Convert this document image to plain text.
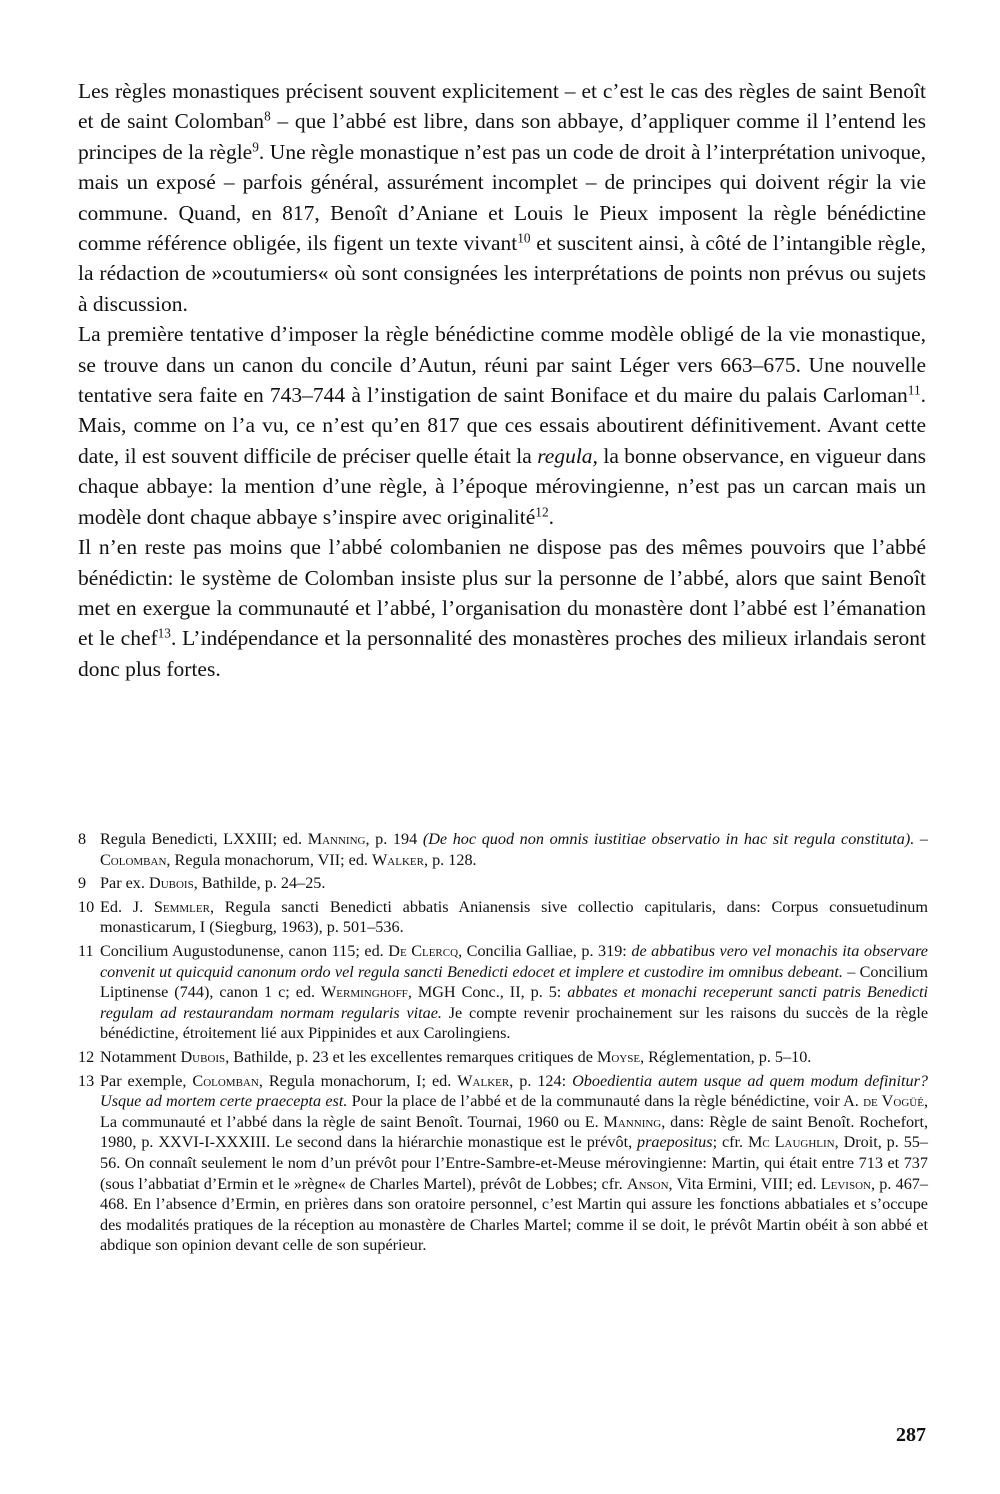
Les règles monastiques précisent souvent explicitement – et c’est le cas des règles de saint Benoît et de saint Colomban$^8$ – que l’abbé est libre, dans son abbaye, d’appliquer comme il l’entend les principes de la règle$^9$. Une règle monastique n’est pas un code de droit à l’interprétation univoque, mais un exposé – parfois général, assurément incomplet – de principes qui doivent régir la vie commune. Quand, en 817, Benoît d’Aniane et Louis le Pieux imposent la règle bénédictine comme référence obligée, ils figent un texte vivant$^{10}$ et suscitent ainsi, à côté de l’intangible règle, la rédaction de »coutumiers« où sont consignées les interprétations de points non prévus ou sujets à discussion.

La première tentative d’imposer la règle bénédictine comme modèle obligé de la vie monastique, se trouve dans un canon du concile d’Autun, réuni par saint Léger vers 663–675. Une nouvelle tentative sera faite en 743–744 à l’instigation de saint Boniface et du maire du palais Carloman$^{11}$. Mais, comme on l’a vu, ce n’est qu’en 817 que ces essais aboutirent définitivement. Avant cette date, il est souvent difficile de préciser quelle était la regula, la bonne observance, en vigueur dans chaque abbaye: la mention d’une règle, à l’époque mérovingienne, n’est pas un carcan mais un modèle dont chaque abbaye s’inspire avec originalité$^{12}$.

Il n’en reste pas moins que l’abbé colombanien ne dispose pas des mêmes pouvoirs que l’abbé bénédictin: le système de Colomban insiste plus sur la personne de l’abbé, alors que saint Benoît met en exergue la communauté et l’abbé, l’organisation du monastère dont l’abbé est l’émanation et le chef$^{13}$. L’indépendance et la personnalité des monastères proches des milieux irlandais seront donc plus fortes.

8 Regula Benedicti, LXXIII; ed. Manning, p. 194 (De hoc quod non omnis iustitiae observatio in hac sit regula constituta). – Colomban, Regula monachorum, VII; ed. Walker, p. 128.
9 Par ex. Dubois, Bathilde, p. 24–25.
10 Ed. J. Semmler, Regula sancti Benedicti abbatis Anianensis sive collectio capitularis, dans: Corpus consuetudinum monasticarum, I (Siegburg, 1963), p. 501–536.
11 Concilium Augustodunense, canon 115; ed. De Clercq, Concilia Galliae, p. 319: de abbatibus vero vel monachis ita observare convenit ut quicquid canonum ordo vel regula sancti Benedicti edocet et implere et custodire im omnibus debeant. – Concilium Liptinense (744), canon 1 c; ed. Werminghoff, MGH Conc., II, p. 5: abbates et monachi receperunt sancti patris Benedicti regulam ad restaurandam normam regularis vitae. Je compte revenir prochainement sur les raisons du succès de la règle bénédictine, étroitement lié aux Pippinides et aux Carolingiens.
12 Notamment Dubois, Bathilde, p. 23 et les excellentes remarques critiques de Moyse, Réglementation, p. 5–10.
13 Par exemple, Colomban, Regula monachorum, I; ed. Walker, p. 124: Oboedientia autem usque ad quem modum definitur? Usque ad mortem certe praecepta est. Pour la place de l’abbé et de la communauté dans la règle bénédictine, voir A. de Vogüé, La communauté et l’abbé dans la règle de saint Benoît. Tournai, 1960 ou E. Manning, dans: Règle de saint Benoît. Rochefort, 1980, p. XXVI-I-XXXIII. Le second dans la hiérarchie monastique est le prévôt, praepositus; cfr. Mc Laughlin, Droit, p. 55–56. On connaît seulement le nom d’un prévôt pour l’Entre-Sambre-et-Meuse mérovingienne: Martin, qui était entre 713 et 737 (sous l’abbatiat d’Ermin et le »règne« de Charles Martel), prévôt de Lobbes; cfr. Anson, Vita Ermini, VIII; ed. Levison, p. 467–468. En l’absence d’Ermin, en prières dans son oratoire personnel, c’est Martin qui assure les fonctions abbatiales et s’occupe des modalités pratiques de la réception au monastère de Charles Martel; comme il se doit, le prévôt Martin obéit à son abbé et abdique son opinion devant celle de son supérieur.
287
